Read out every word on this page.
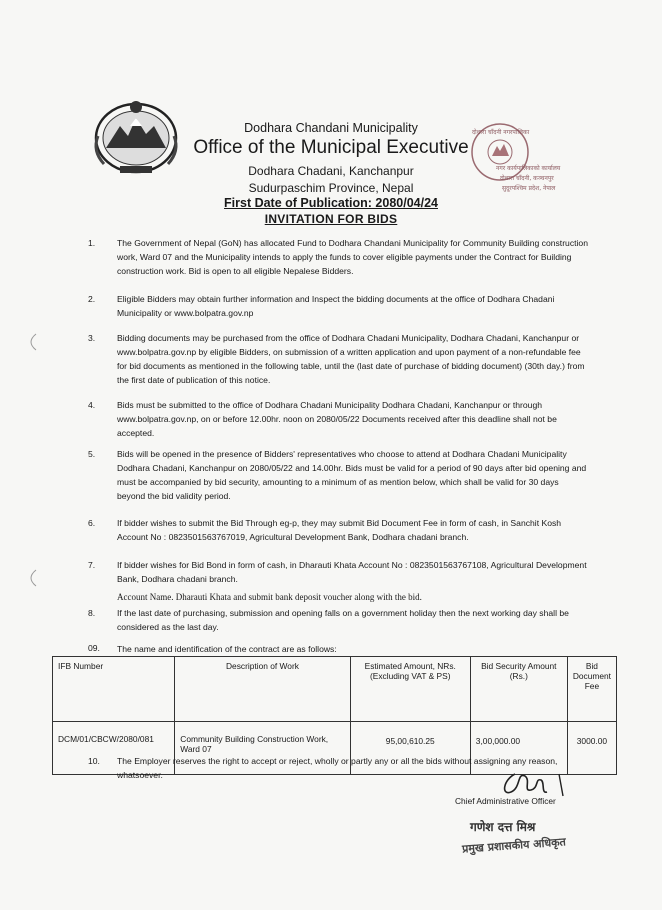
दोधारा चाँदनी नगरपालिका
नगर कार्यपालिकाको कार्यालय
दोधारा चाँदनी, कञ्चनपुर
सुदूरपश्चिम प्रदेश, नेपाल
Dodhara Chandani Municipality
Office of the Municipal Executive
Dodhara Chadani, Kanchanpur
Sudurpaschim Province, Nepal
First Date of Publication: 2080/04/24
INVITATION FOR BIDS
1.	The Government of Nepal (GoN) has allocated Fund to Dodhara Chandani Municipality for Community Building construction work, Ward 07 and the Municipality intends to apply the funds to cover eligible payments under the Contract for Building construction work. Bid is open to all eligible Nepalese Bidders.
2.	Eligible Bidders may obtain further information and Inspect the bidding documents at the office of Dodhara Chadani Municipality or www.bolpatra.gov.np
3.	Bidding documents may be purchased from the office of Dodhara Chadani Municipality, Dodhara Chadani, Kanchanpur or www.bolpatra.gov.np by eligible Bidders, on submission of a written application and upon payment of a non-refundable fee for bid documents as mentioned in the following table, until the (last date of purchase of bidding document) (30th day.) from the first date of publication of this notice.
4.	Bids must be submitted to the office of Dodhara Chadani Municipality Dodhara Chadani, Kanchanpur or through www.bolpatra.gov.np, on or before 12.00hr. noon on 2080/05/22 Documents received after this deadline shall not be accepted.
5.	Bids will be opened in the presence of Bidders' representatives who choose to attend at Dodhara Chadani Municipality Dodhara Chadani, Kanchanpur on 2080/05/22 and 14.00hr. Bids must be valid for a period of 90 days after bid opening and must be accompanied by bid security, amounting to a minimum of as mention below, which shall be valid for 30 days beyond the bid validity period.
6.	If bidder wishes to submit the Bid Through eg-p, they may submit Bid Document Fee in form of cash, in Sanchit Kosh Account No : 0823501563767019, Agricultural Development Bank, Dodhara chadani branch.
7.	If bidder wishes for Bid Bond in form of cash, in Dharauti Khata Account No : 0823501563767108, Agricultural Development Bank, Dodhara chadani branch.
Account Name. Dharauti Khata and submit bank deposit voucher along with the bid.
8.	If the last date of purchasing, submission and opening falls on a government holiday then the next working day shall be considered as the last day.
09. The name and identification of the contract are as follows:
IFB Number	Description of Work	Estimated Amount, NRs.(Excluding VAT & PS)	Bid Security Amount (Rs.)	Bid Document Fee
DCM/01/CBCW/2080/081	Community Building Construction Work, Ward 07	95,00,610.25	3,00,000.00	3000.00
10. The Employer reserves the right to accept or reject, wholly or partly any or all the bids without assigning any reason, whatsoever.
Chief Administrative Officer
गणेश दत्त मिश्र
प्रमुख प्रशासकीय अधिकृत
